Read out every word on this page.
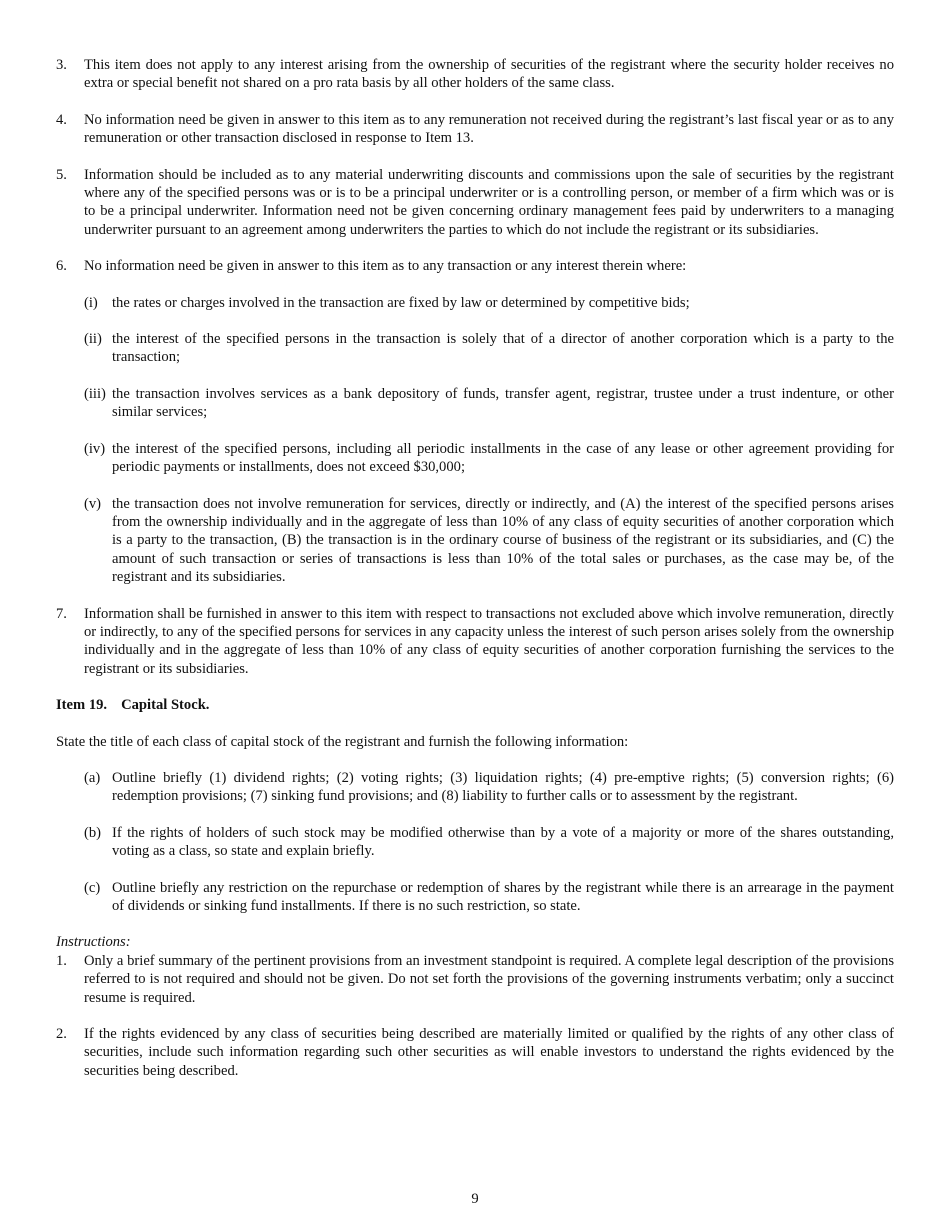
3.	This item does not apply to any interest arising from the ownership of securities of the registrant where the security holder receives no extra or special benefit not shared on a pro rata basis by all other holders of the same class.
4.	No information need be given in answer to this item as to any remuneration not received during the registrant’s last fiscal year or as to any remuneration or other transaction disclosed in response to Item 13.
5.	Information should be included as to any material underwriting discounts and commissions upon the sale of securities by the registrant where any of the specified persons was or is to be a principal underwriter or is a controlling person, or member of a firm which was or is to be a principal underwriter. Information need not be given concerning ordinary management fees paid by underwriters to a managing underwriter pursuant to an agreement among underwriters the parties to which do not include the registrant or its subsidiaries.
6.	No information need be given in answer to this item as to any transaction or any interest therein where:
(i) the rates or charges involved in the transaction are fixed by law or determined by competitive bids;
(ii) the interest of the specified persons in the transaction is solely that of a director of another corporation which is a party to the transaction;
(iii) the transaction involves services as a bank depository of funds, transfer agent, registrar, trustee under a trust indenture, or other similar services;
(iv) the interest of the specified persons, including all periodic installments in the case of any lease or other agreement providing for periodic payments or installments, does not exceed $30,000;
(v) the transaction does not involve remuneration for services, directly or indirectly, and (A) the interest of the specified persons arises from the ownership individually and in the aggregate of less than 10% of any class of equity securities of another corporation which is a party to the transaction, (B) the transaction is in the ordinary course of business of the registrant or its subsidiaries, and (C) the amount of such transaction or series of transactions is less than 10% of the total sales or purchases, as the case may be, of the registrant and its subsidiaries.
7.	Information shall be furnished in answer to this item with respect to transactions not excluded above which involve remuneration, directly or indirectly, to any of the specified persons for services in any capacity unless the interest of such person arises solely from the ownership individually and in the aggregate of less than 10% of any class of equity securities of another corporation furnishing the services to the registrant or its subsidiaries.
Item 19. Capital Stock.
State the title of each class of capital stock of the registrant and furnish the following information:
(a) Outline briefly (1) dividend rights; (2) voting rights; (3) liquidation rights; (4) pre-emptive rights; (5) conversion rights; (6) redemption provisions; (7) sinking fund provisions; and (8) liability to further calls or to assessment by the registrant.
(b) If the rights of holders of such stock may be modified otherwise than by a vote of a majority or more of the shares outstanding, voting as a class, so state and explain briefly.
(c) Outline briefly any restriction on the repurchase or redemption of shares by the registrant while there is an arrearage in the payment of dividends or sinking fund installments. If there is no such restriction, so state.
Instructions:
1.	Only a brief summary of the pertinent provisions from an investment standpoint is required. A complete legal description of the provisions referred to is not required and should not be given. Do not set forth the provisions of the governing instruments verbatim; only a succinct resume is required.
2.	If the rights evidenced by any class of securities being described are materially limited or qualified by the rights of any other class of securities, include such information regarding such other securities as will enable investors to understand the rights evidenced by the securities being described.
9
